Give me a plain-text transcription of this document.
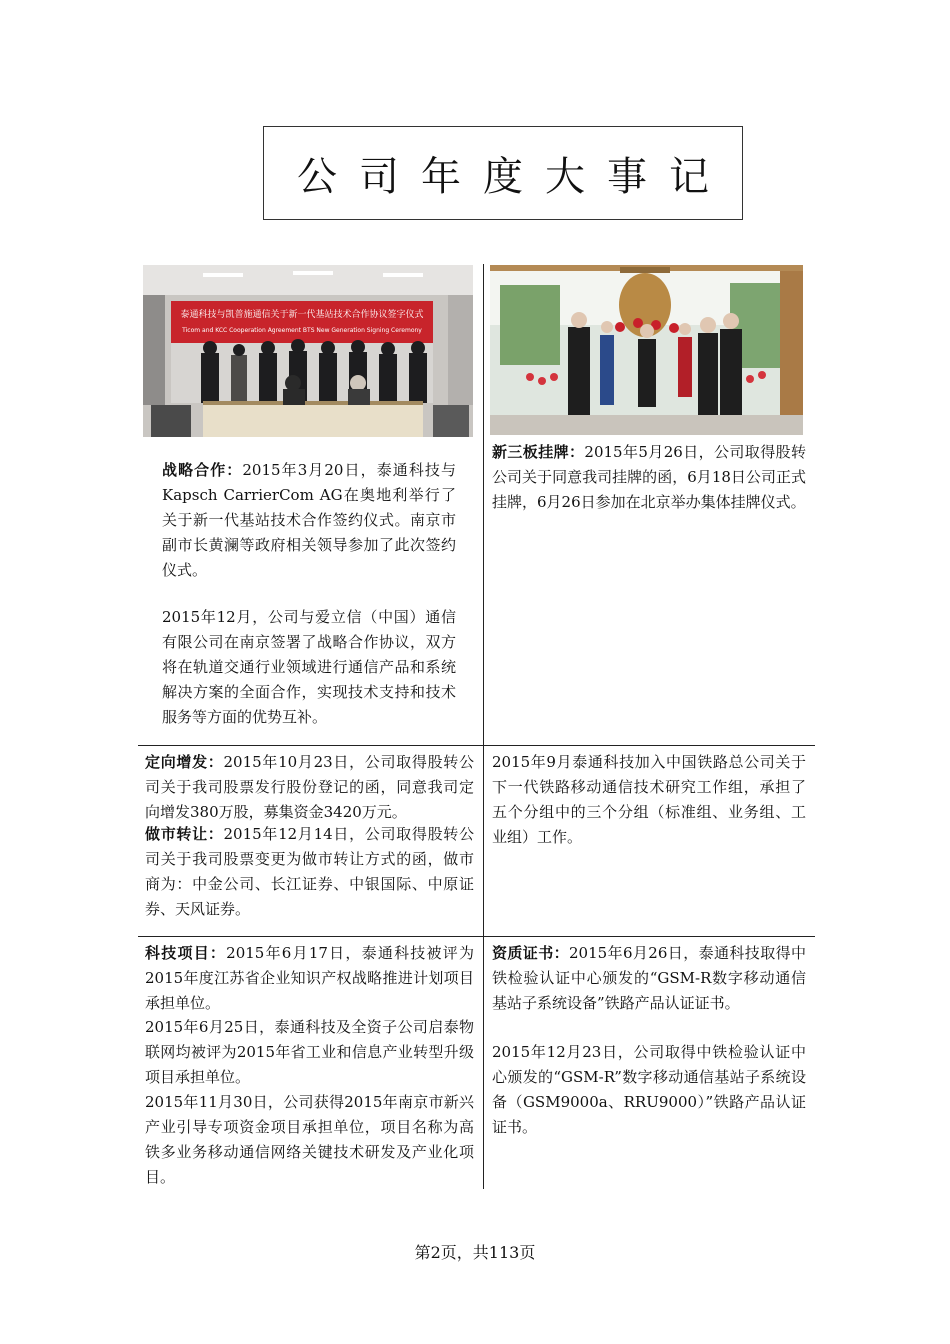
公司年度大事记
泰通科技与凯普施通信关于新一代基站技术合作协议签字仪式
Ticom and KCC Cooperation Agreement BTS New Generation Signing Ceremony

战略合作：2015年3月20日，泰通科技与Kapsch CarrierCom AG在奥地利举行了关于新一代基站技术合作签约仪式。南京市副市长黄澜等政府相关领导参加了此次签约仪式。

2015年12月，公司与爱立信（中国）通信有限公司在南京签署了战略合作协议，双方将在轨道交通行业领域进行通信产品和系统解决方案的全面合作，实现技术支持和技术服务等方面的优势互补。

新三板挂牌：2015年5月26日，公司取得股转公司关于同意我司挂牌的函，6月18日公司正式挂牌，6月26日参加在北京举办集体挂牌仪式。

定向增发：2015年10月23日，公司取得股转公司关于我司股票发行股份登记的函，同意我司定向增发380万股，募集资金3420万元。

做市转让：2015年12月14日，公司取得股转公司关于我司股票变更为做市转让方式的函，做市商为：中金公司、长江证券、中银国际、中原证券、天风证券。

2015年9月泰通科技加入中国铁路总公司关于下一代铁路移动通信技术研究工作组，承担了五个分组中的三个分组（标准组、业务组、工业组）工作。

科技项目：2015年6月17日，泰通科技被评为2015年度江苏省企业知识产权战略推进计划项目承担单位。

2015年6月25日，泰通科技及全资子公司启泰物联网均被评为2015年省工业和信息产业转型升级项目承担单位。

2015年11月30日，公司获得2015年南京市新兴产业引导专项资金项目承担单位，项目名称为高铁多业务移动通信网络关键技术研发及产业化项目。

资质证书：2015年6月26日，泰通科技取得中铁检验认证中心颁发的“GSM-R数字移动通信基站子系统设备”铁路产品认证证书。

2015年12月23日，公司取得中铁检验认证中心颁发的“GSM-R”数字移动通信基站子系统设备（GSM9000a、RRU9000）”铁路产品认证证书。

第2页，共113页
